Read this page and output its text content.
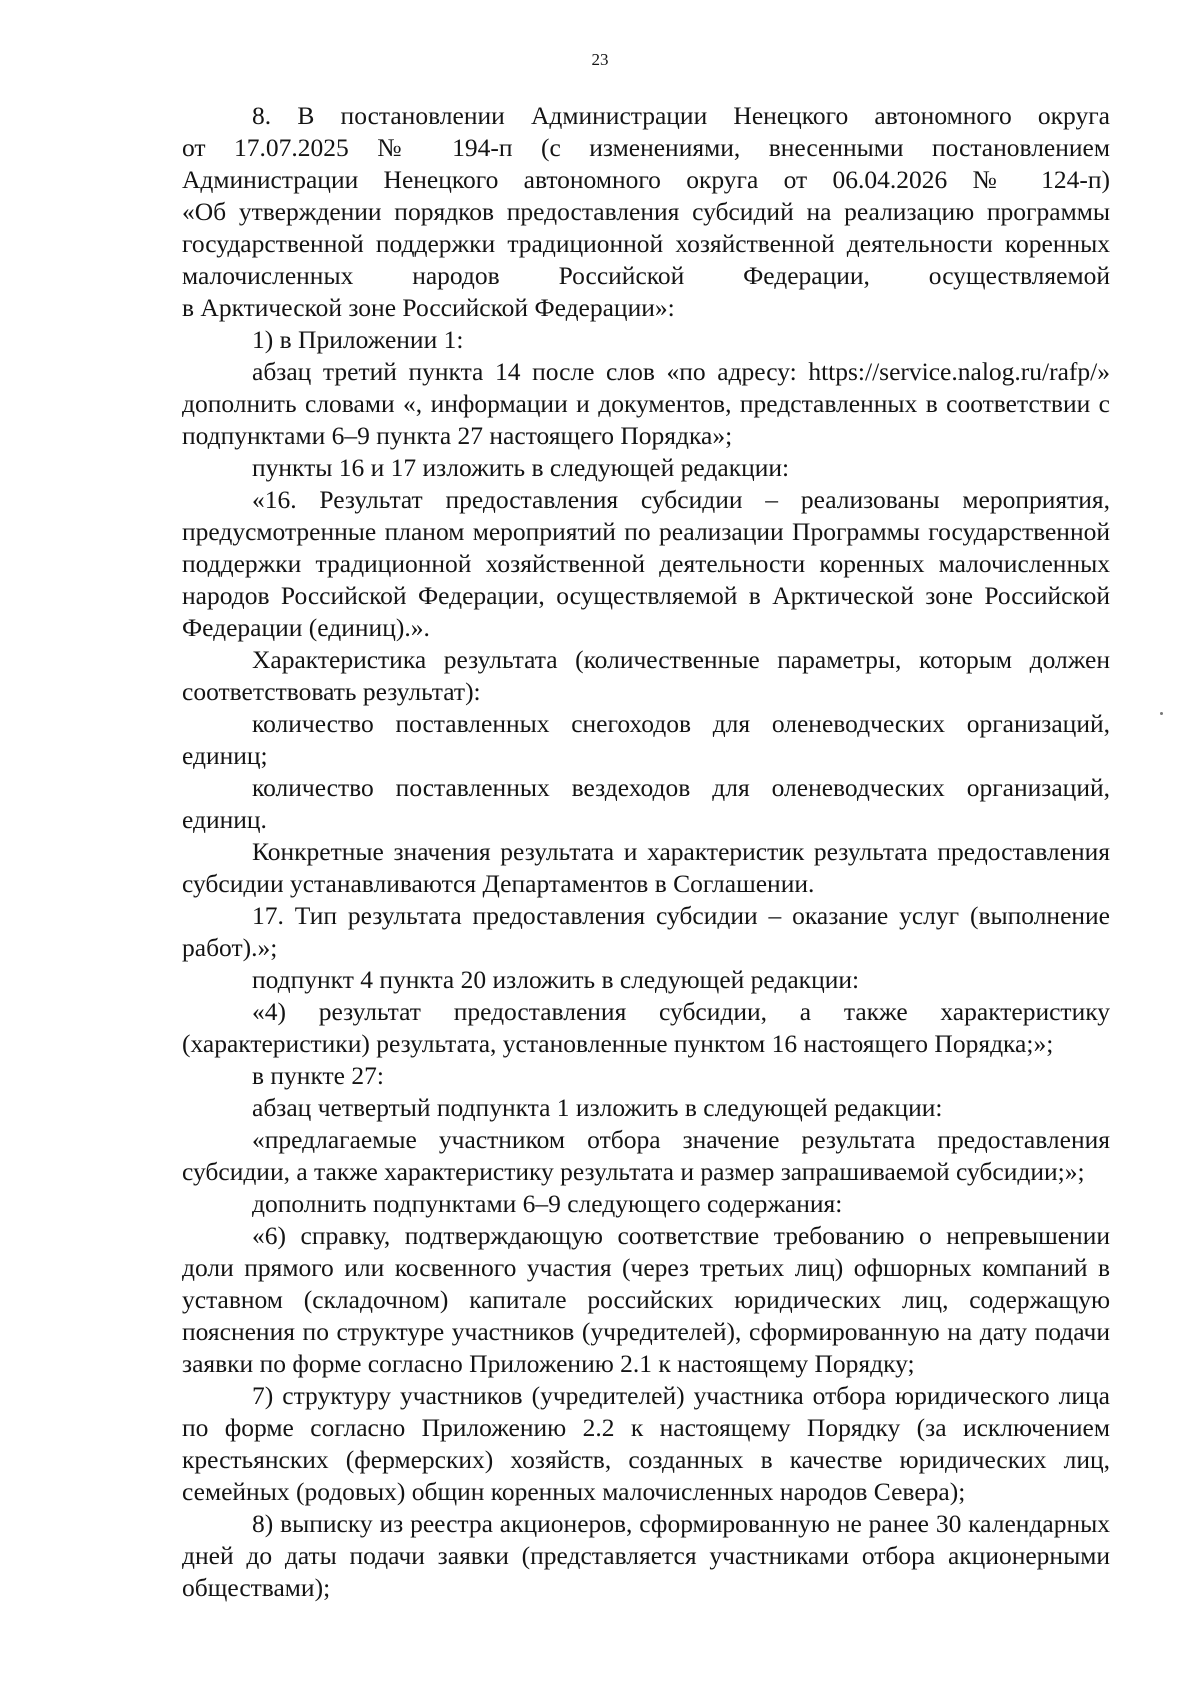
23

8. В постановлении Администрации Ненецкого автономного округа
от 17.07.2025 № 194-п (с изменениями, внесенными постановлением
Администрации Ненецкого автономного округа от 06.04.2026 № 124-п)
«Об утверждении порядков предоставления субсидий на реализацию программы
государственной поддержки традиционной хозяйственной деятельности коренных
малочисленных народов Российской Федерации, осуществляемой
в Арктической зоне Российской Федерации»:

1) в Приложении 1:

абзац третий пункта 14 после слов «по адресу: https://service.nalog.ru/rafp/» дополнить словами «, информации и документов, представленных в соответствии с подпунктами 6–9 пункта 27 настоящего Порядка»;

пункты 16 и 17 изложить в следующей редакции:

«16. Результат предоставления субсидии – реализованы мероприятия, предусмотренные планом мероприятий по реализации Программы государственной поддержки традиционной хозяйственной деятельности коренных малочисленных народов Российской Федерации, осуществляемой в Арктической зоне Российской Федерации (единиц).».

Характеристика результата (количественные параметры, которым должен соответствовать результат):

количество поставленных снегоходов для оленеводческих организаций, единиц;

количество поставленных вездеходов для оленеводческих организаций, единиц.

Конкретные значения результата и характеристик результата предоставления субсидии устанавливаются Департаментов в Соглашении.

17. Тип результата предоставления субсидии – оказание услуг (выполнение работ).»;

подпункт 4 пункта 20 изложить в следующей редакции:

«4) результат предоставления субсидии, а также характеристику (характеристики) результата, установленные пунктом 16 настоящего Порядка;»;

в пункте 27:

абзац четвертый подпункта 1 изложить в следующей редакции:

«предлагаемые участником отбора значение результата предоставления субсидии, а также характеристику результата и размер запрашиваемой субсидии;»;

дополнить подпунктами 6–9 следующего содержания:

«6) справку, подтверждающую соответствие требованию о непревышении доли прямого или косвенного участия (через третьих лиц) офшорных компаний в уставном (складочном) капитале российских юридических лиц, содержащую пояснения по структуре участников (учредителей), сформированную на дату подачи заявки по форме согласно Приложению 2.1 к настоящему Порядку;

7) структуру участников (учредителей) участника отбора юридического лица по форме согласно Приложению 2.2 к настоящему Порядку (за исключением крестьянских (фермерских) хозяйств, созданных в качестве юридических лиц, семейных (родовых) общин коренных малочисленных народов Севера);

8) выписку из реестра акционеров, сформированную не ранее 30 календарных дней до даты подачи заявки (представляется участниками отбора акционерными обществами);
